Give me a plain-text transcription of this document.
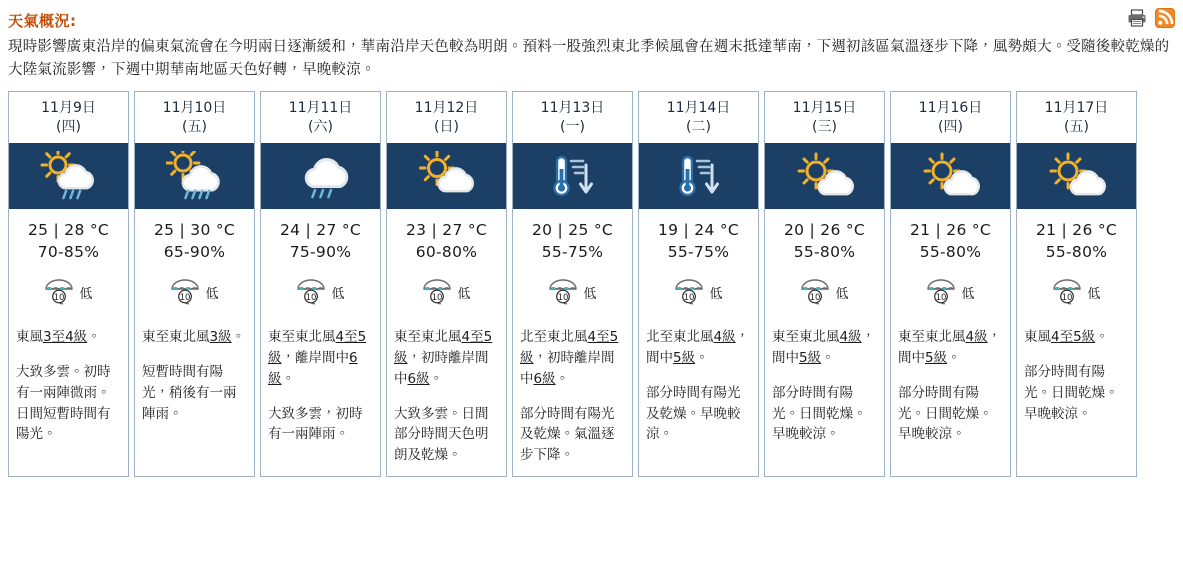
天氣概況:
現時影響廣東沿岸的偏東氣流會在今明兩日逐漸緩和，華南沿岸天色較為明朗。預料一股強烈東北季候風會在週末抵達華南，下週初該區氣溫逐步下降，風勢頗大。受隨後較乾燥的大陸氣流影響，下週中期華南地區天色好轉，早晚較涼。
11月9日
(四)
25 | 28 °C
70-85%
10 低
東風3至4級。
大致多雲。初時有一兩陣微雨。日間短暫時間有陽光。
11月10日
(五)
25 | 30 °C
65-90%
10 低
東至東北風3級。
短暫時間有陽光，稍後有一兩陣雨。
11月11日
(六)
24 | 27 °C
75-90%
10 低
東至東北風4至5級，離岸間中6級。
大致多雲，初時有一兩陣雨。
11月12日
(日)
23 | 27 °C
60-80%
10 低
東至東北風4至5級，初時離岸間中6級。
大致多雲。日間部分時間天色明朗及乾燥。
11月13日
(一)
20 | 25 °C
55-75%
10 低
北至東北風4至5級，初時離岸間中6級。
部分時間有陽光及乾燥。氣溫逐步下降。
11月14日
(二)
19 | 24 °C
55-75%
10 低
北至東北風4級，間中5級。
部分時間有陽光及乾燥。早晚較涼。
11月15日
(三)
20 | 26 °C
55-80%
10 低
東至東北風4級，間中5級。
部分時間有陽光。日間乾燥。早晚較涼。
11月16日
(四)
21 | 26 °C
55-80%
10 低
東至東北風4級，間中5級。
部分時間有陽光。日間乾燥。早晚較涼。
11月17日
(五)
21 | 26 °C
55-80%
10 低
東風4至5級。
部分時間有陽光。日間乾燥。早晚較涼。
